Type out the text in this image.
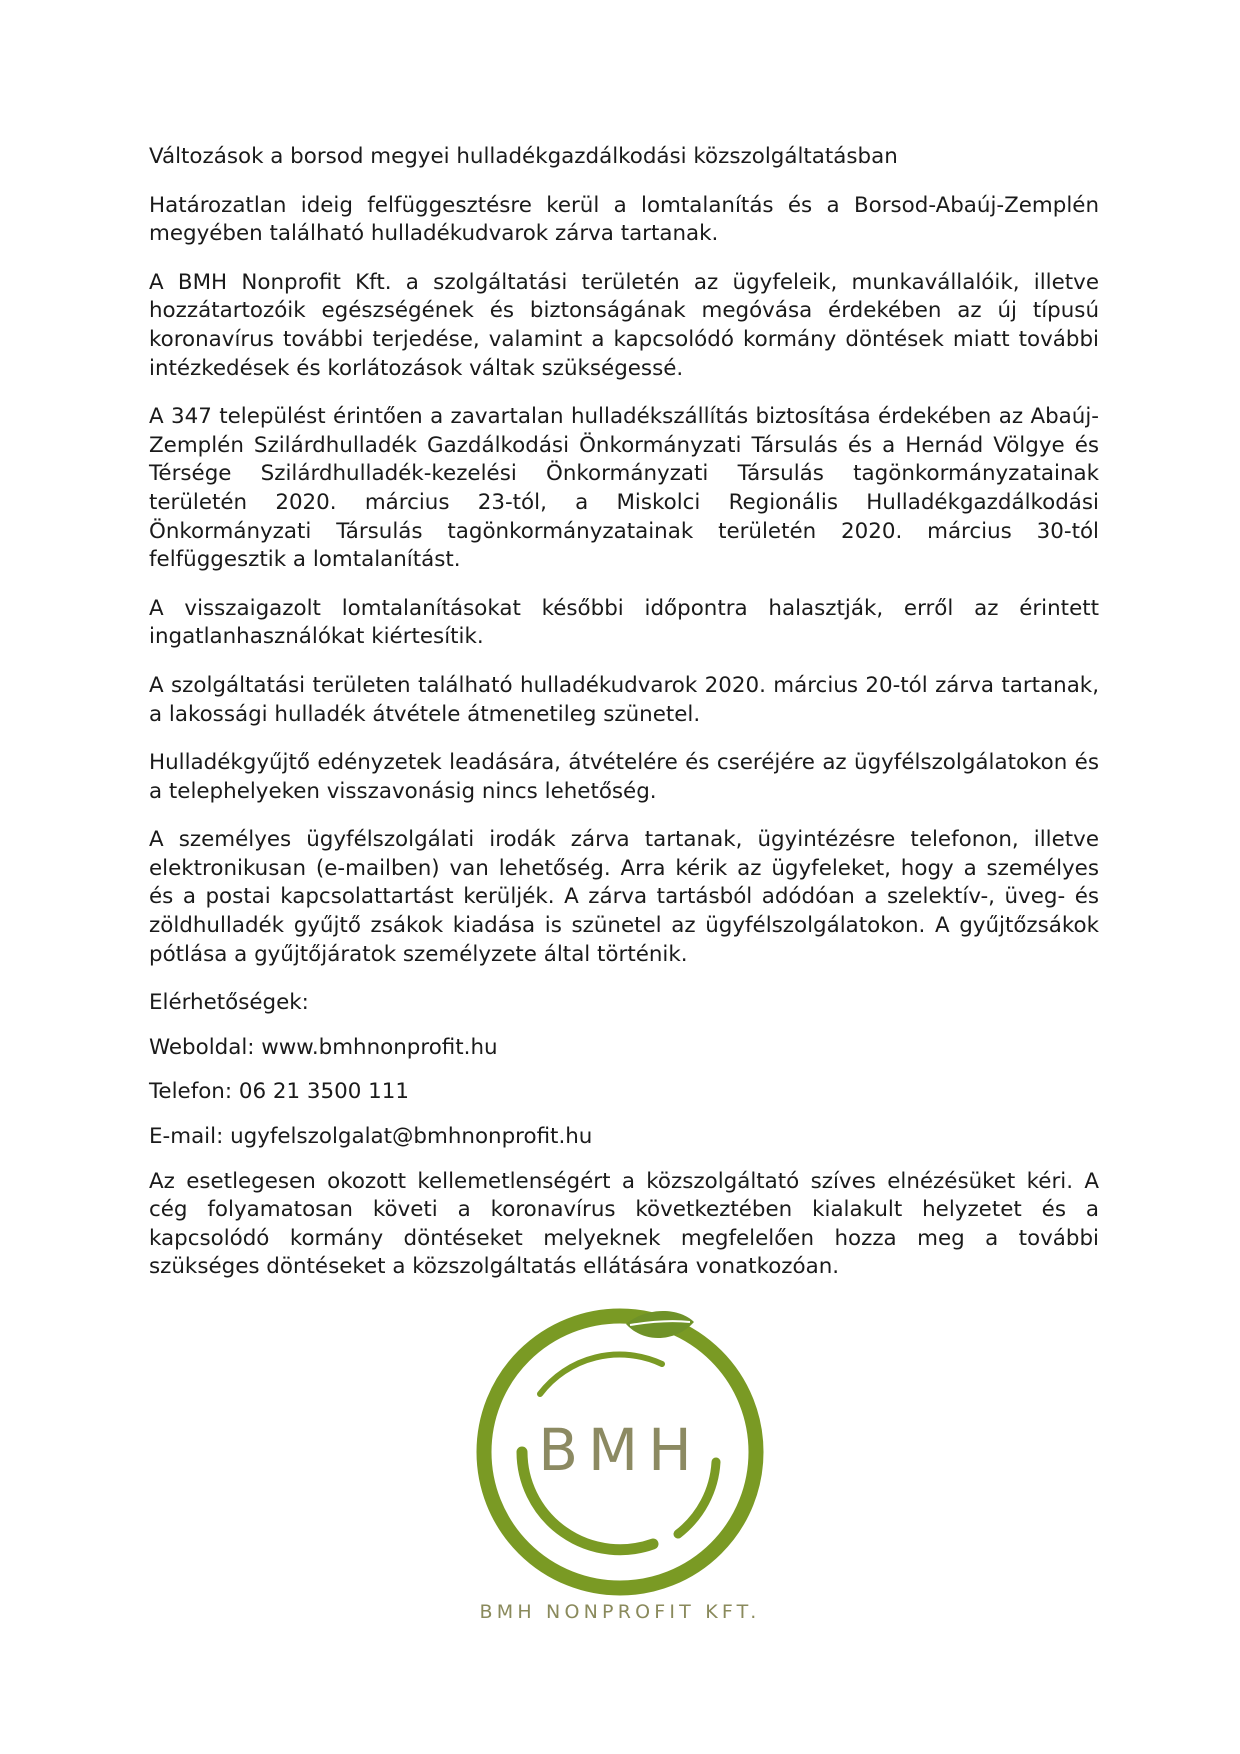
Változások a borsod megyei hulladékgazdálkodási közszolgáltatásban

Határozatlan ideig felfüggesztésre kerül a lomtalanítás és a Borsod-Abaúj-Zemplén megyében található hulladékudvarok zárva tartanak.

A BMH Nonprofit Kft. a szolgáltatási területén az ügyfeleik, munkavállalóik, illetve hozzátartozóik egészségének és biztonságának megóvása érdekében az új típusú koronavírus további terjedése, valamint a kapcsolódó kormány döntések miatt további intézkedések és korlátozások váltak szükségessé.

A 347 települést érintően a zavartalan hulladékszállítás biztosítása érdekében az Abaúj-Zemplén Szilárdhulladék Gazdálkodási Önkormányzati Társulás és a Hernád Völgye és Térsége Szilárdhulladék-kezelési Önkormányzati Társulás tagönkormányzatainak területén 2020. március 23-tól, a Miskolci Regionális Hulladékgazdálkodási Önkormányzati Társulás tagönkormányzatainak területén 2020. március 30-tól felfüggesztik a lomtalanítást.

A visszaigazolt lomtalanításokat későbbi időpontra halasztják, erről az érintett ingatlanhasználókat kiértesítik.

A szolgáltatási területen található hulladékudvarok 2020. március 20-tól zárva tartanak, a lakossági hulladék átvétele átmenetileg szünetel.

Hulladékgyűjtő edényzetek leadására, átvételére és cseréjére az ügyfélszolgálatokon és a telephelyeken visszavonásig nincs lehetőség.

A személyes ügyfélszolgálati irodák zárva tartanak, ügyintézésre telefonon, illetve elektronikusan (e-mailben) van lehetőség. Arra kérik az ügyfeleket, hogy a személyes és a postai kapcsolattartást kerüljék. A zárva tartásból adódóan a szelektív-, üveg- és zöldhulladék gyűjtő zsákok kiadása is szünetel az ügyfélszolgálatokon. A gyűjtőzsákok pótlása a gyűjtőjáratok személyzete által történik.

Elérhetőségek:

Weboldal: www.bmhnonprofit.hu

Telefon: 06 21 3500 111

E-mail: ugyfelszolgalat@bmhnonprofit.hu

Az esetlegesen okozott kellemetlenségért a közszolgáltató szíves elnézésüket kéri. A cég folyamatosan követi a koronavírus következtében kialakult helyzetet és a kapcsolódó kormány döntéseket melyeknek megfelelően hozza meg a további szükséges döntéseket a közszolgáltatás ellátására vonatkozóan.

BMH
BMH NONPROFIT KFT.
